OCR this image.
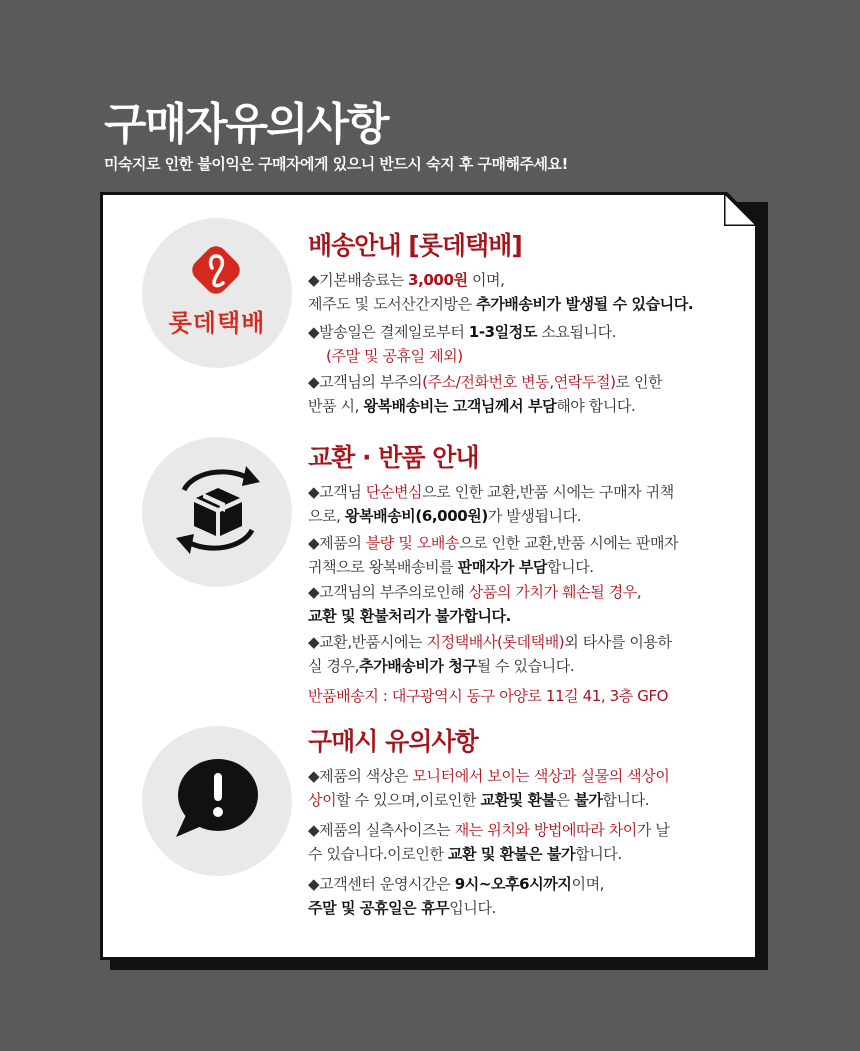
구매자유의사항
미숙지로 인한 불이익은 구매자에게 있으니 반드시 숙지 후 구매해주세요!
롯데택배
배송안내 [롯데택배]
◆기본배송료는 3,000원 이며,
제주도 및 도서산간지방은 추가배송비가 발생될 수 있습니다.
◆발송일은 결제일로부터 1-3일정도 소요됩니다.
(주말 및 공휴일 제외)
◆고객님의 부주의(주소/전화번호 변동,연락두절)로 인한
반품 시, 왕복배송비는 고객님께서 부담해야 합니다.
교환 · 반품 안내
◆고객님 단순변심으로 인한 교환,반품 시에는 구매자 귀책
으로, 왕복배송비(6,000원)가 발생됩니다.
◆제품의 불량 및 오배송으로 인한 교환,반품 시에는 판매자
귀책으로 왕복배송비를 판매자가 부담합니다.
◆고객님의 부주의로인해 상품의 가치가 훼손될 경우,
교환 및 환불처리가 불가합니다.
◆교환,반품시에는 지정택배사(롯데택배)외 타사를 이용하
실 경우,추가배송비가 청구될 수 있습니다.
반품배송지 : 대구광역시 동구 아양로 11길 41, 3층 GFO
구매시 유의사항
◆제품의 색상은 모니터에서 보이는 색상과 실물의 색상이
상이할 수 있으며,이로인한 교환및 환불은 불가합니다.
◆제품의 실측사이즈는 재는 위치와 방법에따라 차이가 날
수 있습니다.이로인한 교환 및 환불은 불가합니다.
◆고객센터 운영시간은 9시~오후6시까지이며,
주말 및 공휴일은 휴무입니다.
